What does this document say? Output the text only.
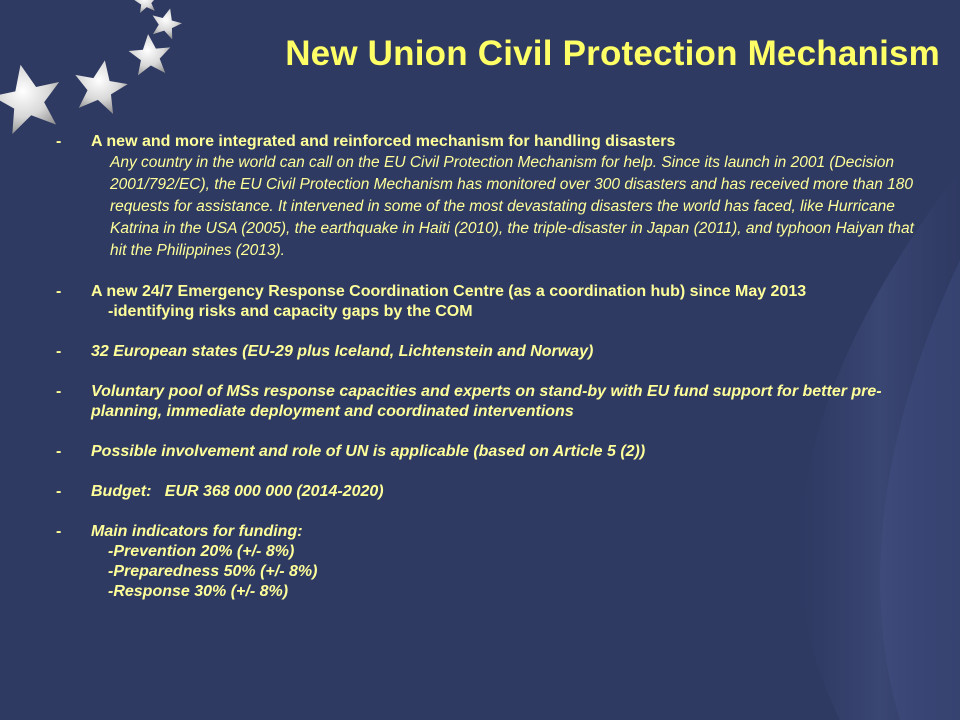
New Union Civil Protection Mechanism
- A new and more integrated and reinforced mechanism for handling disasters
Any country in the world can call on the EU Civil Protection Mechanism for help. Since its launch in 2001 (Decision 2001/792/EC), the EU Civil Protection Mechanism has monitored over 300 disasters and has received more than 180 requests for assistance. It intervened in some of the most devastating disasters the world has faced, like Hurricane Katrina in the USA (2005), the earthquake in Haiti (2010), the triple-disaster in Japan (2011), and typhoon Haiyan that hit the Philippines (2013).
- A new 24/7 Emergency Response Coordination Centre (as a coordination hub) since May 2013
-identifying risks and capacity gaps by the COM
- 32 European states (EU-29 plus Iceland, Lichtenstein and Norway)
- Voluntary pool of MSs response capacities and experts on stand-by with EU fund support for better pre-planning, immediate deployment and coordinated interventions
- Possible involvement and role of UN is applicable (based on Article 5 (2))
- Budget:   EUR 368 000 000 (2014-2020)
- Main indicators for funding:
-Prevention 20% (+/- 8%)
-Preparedness 50% (+/- 8%)
-Response 30% (+/- 8%)
